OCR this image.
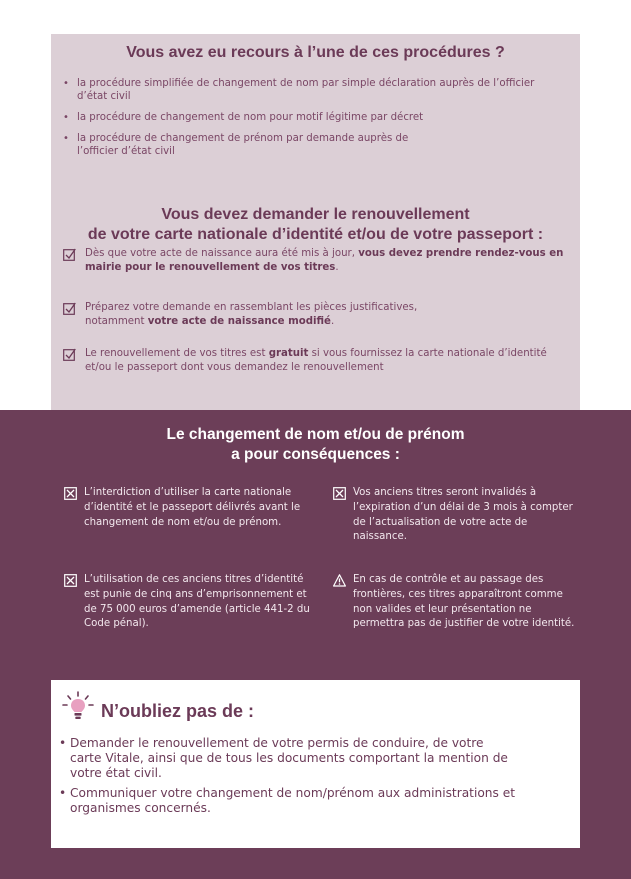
Vous avez eu recours à l’une de ces procédures ?
• la procédure simplifiée de changement de nom par simple déclaration auprès de l’officier d’état civil
• la procédure de changement de nom pour motif légitime par décret
• la procédure de changement de prénom par demande auprès de l’officier d’état civil
Vous devez demander le renouvellement
de votre carte nationale d’identité et/ou de votre passeport :
Dès que votre acte de naissance aura été mis à jour, vous devez prendre rendez-vous en mairie pour le renouvellement de vos titres.
Préparez votre demande en rassemblant les pièces justificatives, notamment votre acte de naissance modifié.
Le renouvellement de vos titres est gratuit si vous fournissez la carte nationale d’identité et/ou le passeport dont vous demandez le renouvellement
Le changement de nom et/ou de prénom
a pour conséquences :
L’interdiction d’utiliser la carte nationale d’identité et le passeport délivrés avant le changement de nom et/ou de prénom.
Vos anciens titres seront invalidés à l’expiration d’un délai de 3 mois à compter de l’actualisation de votre acte de naissance.
L’utilisation de ces anciens titres d’identité est punie de cinq ans d’emprisonnement et de 75 000 euros d’amende (article 441-2 du Code pénal).
En cas de contrôle et au passage des frontières, ces titres apparaîtront comme non valides et leur présentation ne permettra pas de justifier de votre identité.
N’oubliez pas de :
• Demander le renouvellement de votre permis de conduire, de votre carte Vitale, ainsi que de tous les documents comportant la mention de votre état civil.
• Communiquer votre changement de nom/prénom aux administrations et organismes concernés.
